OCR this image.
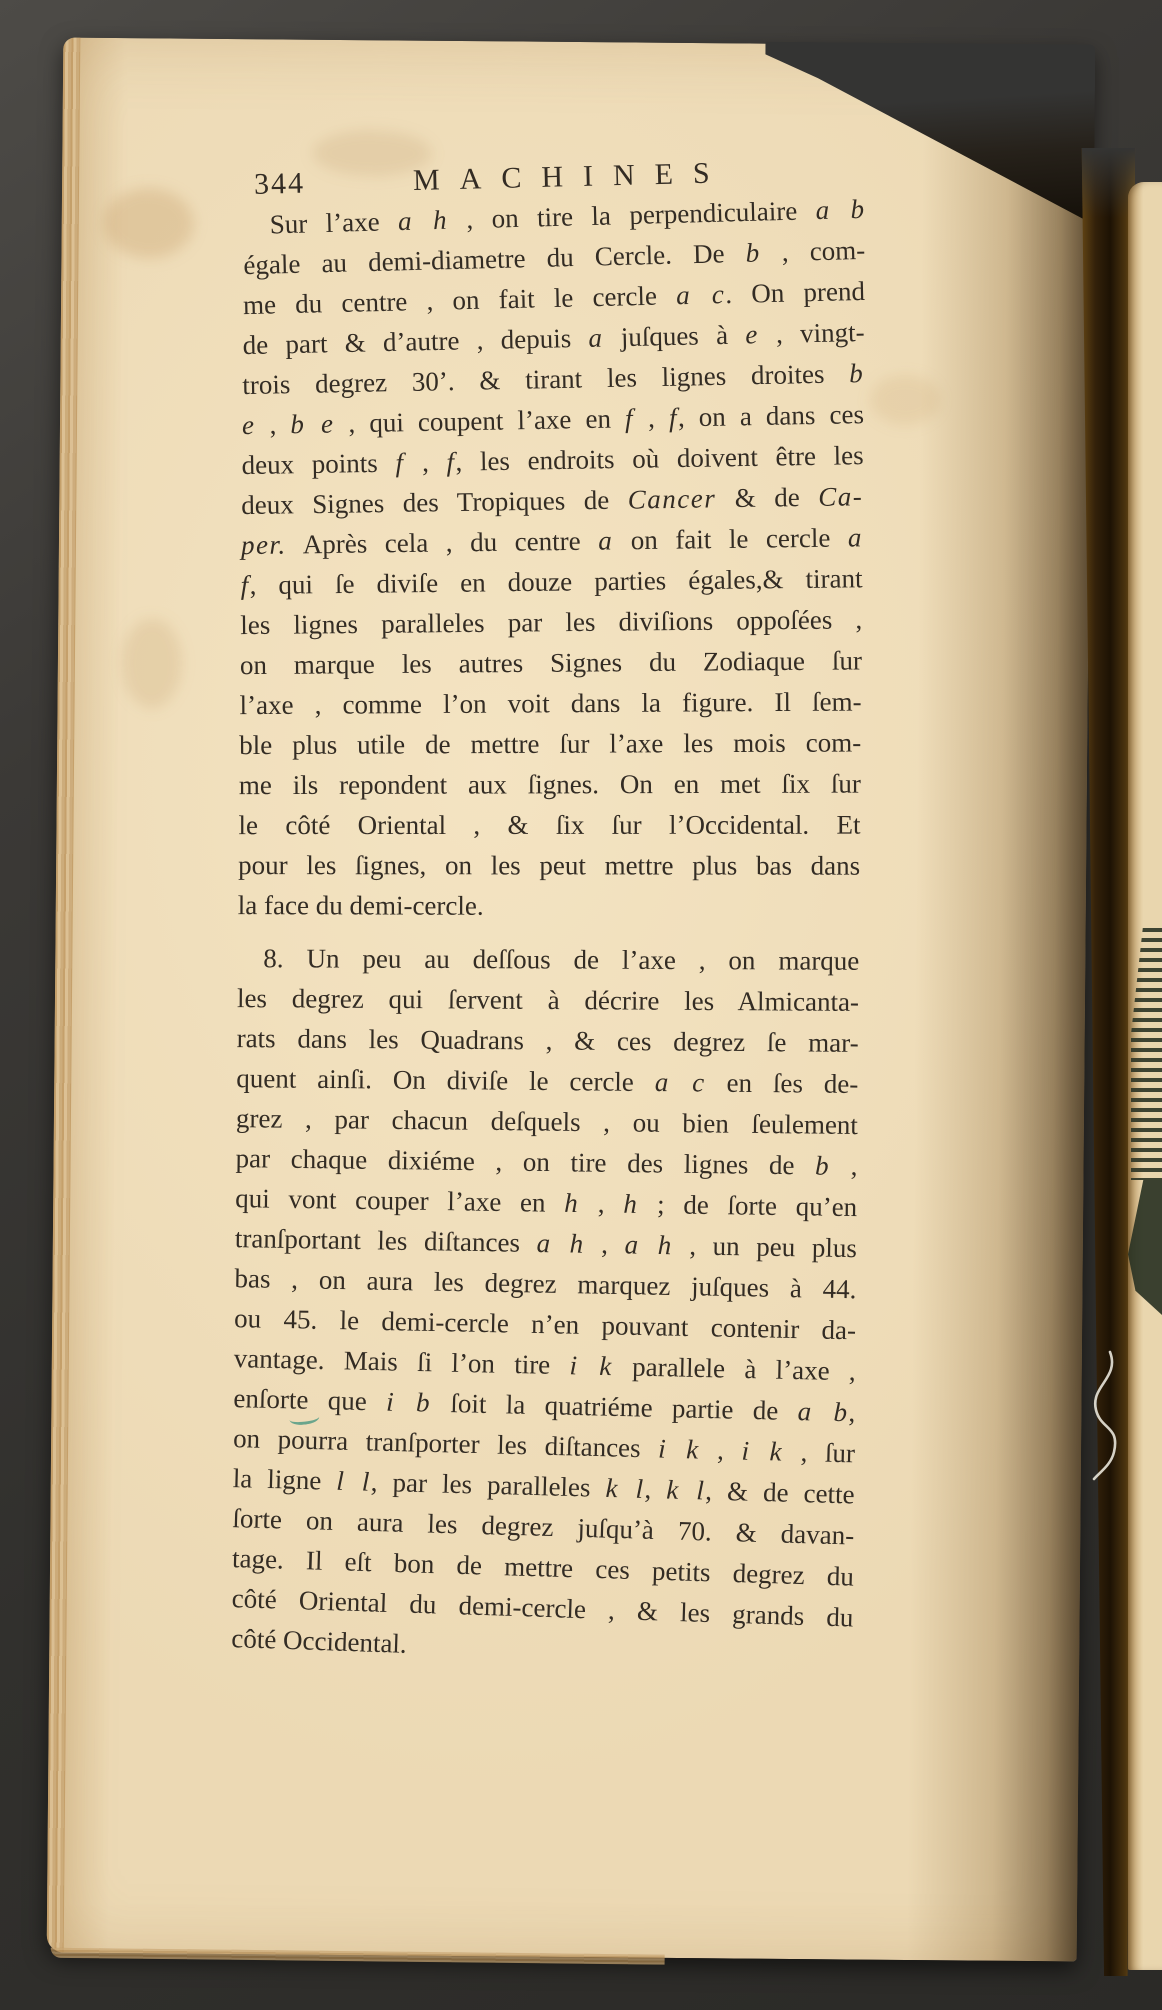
344	MACHINES
Sur l’axe a h , on tire la perpendiculaire a b
égale au demi-diametre du Cercle. De b , com-
me du centre , on fait le cercle a c. On prend
de part & d’autre , depuis a juſques à e , vingt-
trois degrez 30’. & tirant les lignes droites b
e , b e , qui coupent l’axe en f , f, on a dans ces
deux points f , f, les endroits où doivent être les
deux Signes des Tropiques de Cancer & de Ca-
per. Après cela , du centre a on fait le cercle a
f, qui ſe diviſe en douze parties égales,& tirant
les lignes paralleles par les diviſions oppoſées ,
on marque les autres Signes du Zodiaque ſur
l’axe , comme l’on voit dans la figure. Il ſem-
ble plus utile de mettre ſur l’axe les mois com-
me ils repondent aux ſignes. On en met ſix ſur
le côté Oriental , & ſix ſur l’Occidental. Et
pour les ſignes, on les peut mettre plus bas dans
la face du demi-cercle.
8. Un peu au deſſous de l’axe , on marque
les degrez qui ſervent à décrire les Almicanta-
rats dans les Quadrans , & ces degrez ſe mar-
quent ainſi. On diviſe le cercle a c en ſes de-
grez , par chacun deſquels , ou bien ſeulement
par chaque dixiéme , on tire des lignes de b ,
qui vont couper l’axe en h , h ; de ſorte qu’en
tranſportant les diſtances a h , a h , un peu plus
bas , on aura les degrez marquez juſques à 44.
ou 45. le demi-cercle n’en pouvant contenir da-
vantage. Mais ſi l’on tire i k parallele à l’axe ,
enſorte que i b ſoit la quatriéme partie de a b,
on pourra tranſporter les diſtances i k , i k , ſur
la ligne l l, par les paralleles k l, k l, & de cette
ſorte on aura les degrez juſqu’à 70. & davan-
tage. Il eſt bon de mettre ces petits degrez du
côté Oriental du demi-cercle , & les grands du
côté Occidental.
